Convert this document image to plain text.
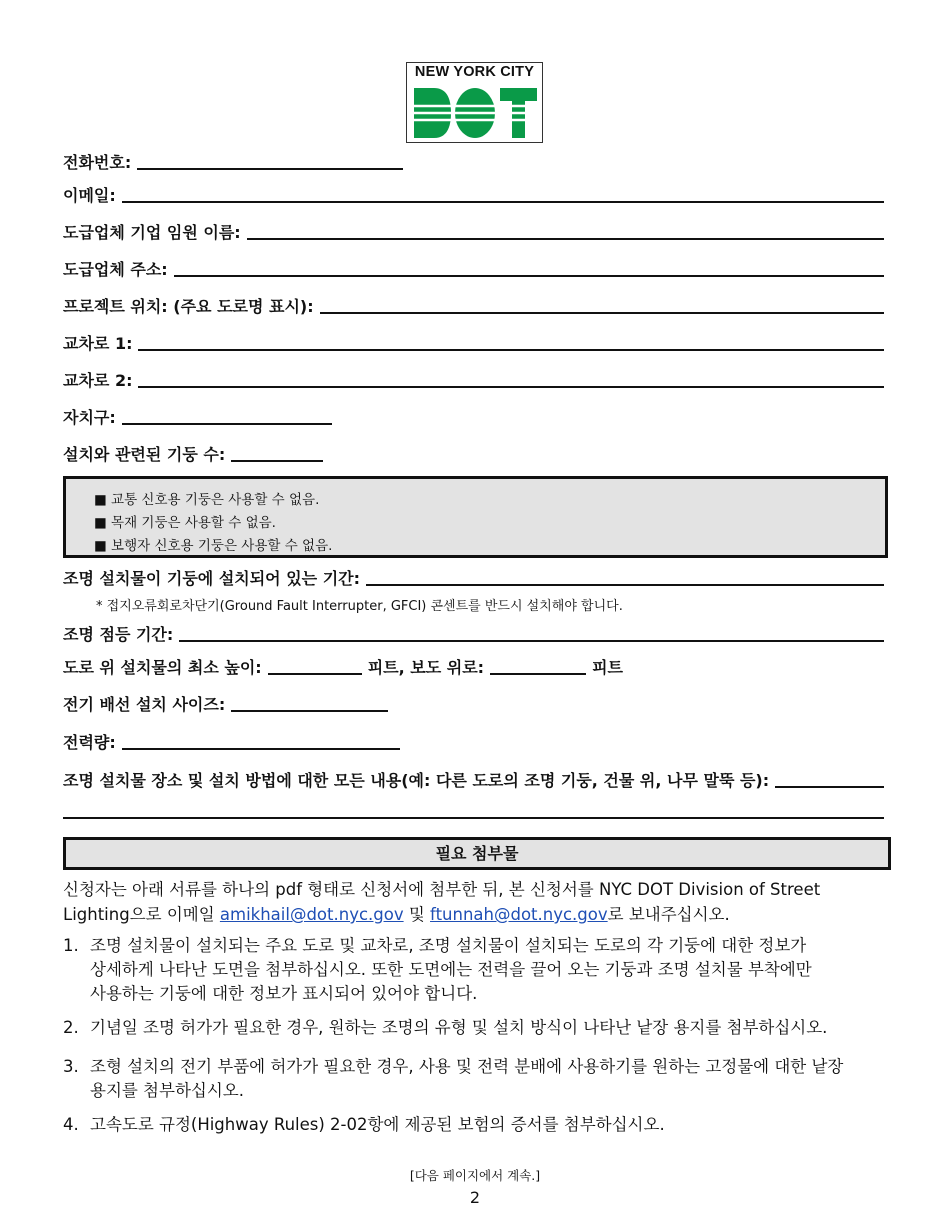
NEW YORK CITY
전화번호:
이메일:
도급업체 기업 임원 이름:
도급업체 주소:
프로젝트 위치: (주요 도로명 표시):
교차로 1:
교차로 2:
자치구:
설치와 관련된 기둥 수:
■ 교통 신호용 기둥은 사용할 수 없음.
■ 목재 기둥은 사용할 수 없음.
■ 보행자 신호용 기둥은 사용할 수 없음.
조명 설치물이 기둥에 설치되어 있는 기간:
* 접지오류회로차단기(Ground Fault Interrupter, GFCI) 콘센트를 반드시 설치해야 합니다.
조명 점등 기간:
도로 위 설치물의 최소 높이:	피트, 보도 위로:	피트
전기 배선 설치 사이즈:
전력량:
조명 설치물 장소 및 설치 방법에 대한 모든 내용(예: 다른 도로의 조명 기둥, 건물 위, 나무 말뚝 등):
필요 첨부물
신청자는 아래 서류를 하나의 pdf 형태로 신청서에 첨부한 뒤, 본 신청서를 NYC DOT Division of Street
Lighting으로 이메일 amikhail@dot.nyc.gov 및 ftunnah@dot.nyc.gov로 보내주십시오.
1. 조명 설치물이 설치되는 주요 도로 및 교차로, 조명 설치물이 설치되는 도로의 각 기둥에 대한 정보가
상세하게 나타난 도면을 첨부하십시오. 또한 도면에는 전력을 끌어 오는 기둥과 조명 설치물 부착에만
사용하는 기둥에 대한 정보가 표시되어 있어야 합니다.
2. 기념일 조명 허가가 필요한 경우, 원하는 조명의 유형 및 설치 방식이 나타난 낱장 용지를 첨부하십시오.
3. 조형 설치의 전기 부품에 허가가 필요한 경우, 사용 및 전력 분배에 사용하기를 원하는 고정물에 대한 낱장
용지를 첨부하십시오.
4. 고속도로 규정(Highway Rules) 2-02항에 제공된 보험의 증서를 첨부하십시오.
[다음 페이지에서 계속.]
2
